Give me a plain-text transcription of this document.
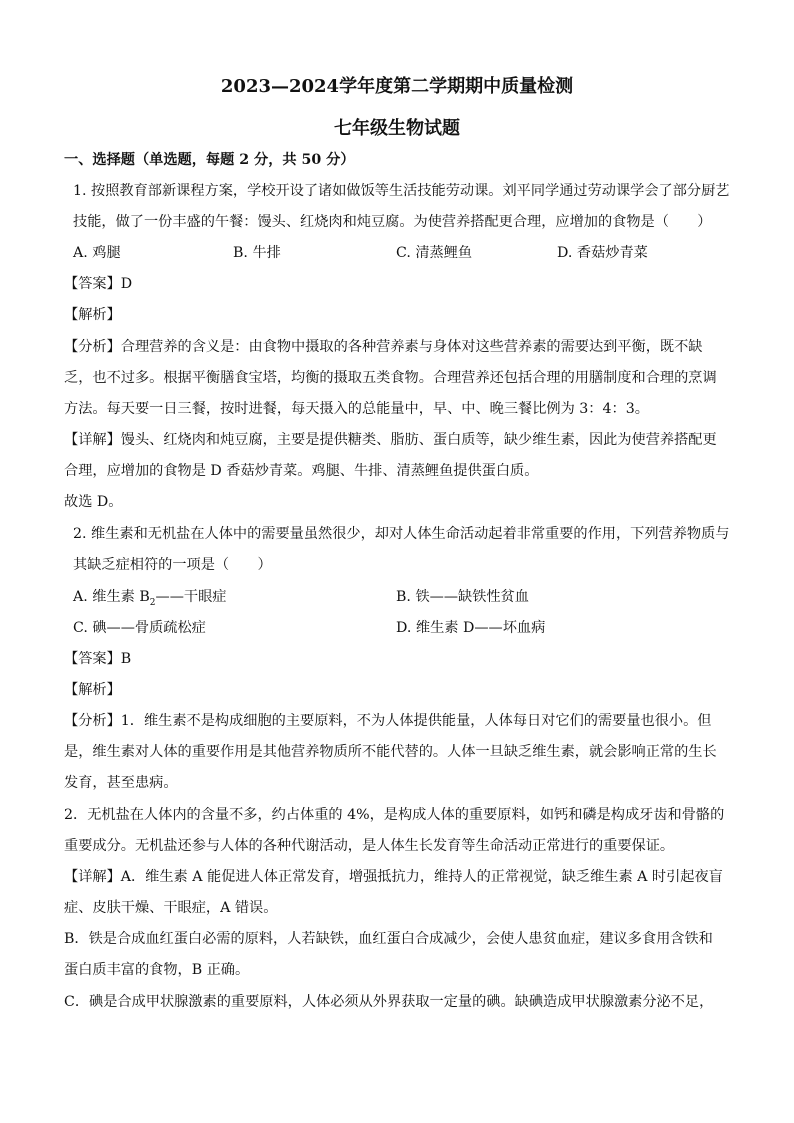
2023—2024学年度第二学期期中质量检测
七年级生物试题
一、选择题（单选题，每题 2 分，共 50 分）
1. 按照教育部新课程方案，学校开设了诸如做饭等生活技能劳动课。刘平同学通过劳动课学会了部分厨艺
技能，做了一份丰盛的午餐：馒头、红烧肉和炖豆腐。为使营养搭配更合理，应增加的食物是（　　）
A. 鸡腿	B. 牛排	C. 清蒸鲤鱼	D. 香菇炒青菜
【答案】D
【解析】
【分析】合理营养的含义是：由食物中摄取的各种营养素与身体对这些营养素的需要达到平衡，既不缺
乏，也不过多。根据平衡膳食宝塔，均衡的摄取五类食物。合理营养还包括合理的用膳制度和合理的烹调
方法。每天要一日三餐，按时进餐，每天摄入的总能量中，早、中、晚三餐比例为 3：4：3。
【详解】馒头、红烧肉和炖豆腐，主要是提供糖类、脂肪、蛋白质等，缺少维生素，因此为使营养搭配更
合理，应增加的食物是 D 香菇炒青菜。鸡腿、牛排、清蒸鲤鱼提供蛋白质。
故选 D。
2. 维生素和无机盐在人体中的需要量虽然很少，却对人体生命活动起着非常重要的作用，下列营养物质与
其缺乏症相符的一项是（　　）
A. 维生素 $B_2——$干眼症	B. 铁——缺铁性贫血
C. 碘——骨质疏松症	D. 维生素 D——坏血病
【答案】B
【解析】
【分析】1．维生素不是构成细胞的主要原料，不为人体提供能量，人体每日对它们的需要量也很小。但
是，维生素对人体的重要作用是其他营养物质所不能代替的。人体一旦缺乏维生素，就会影响正常的生长
发育，甚至患病。
2．无机盐在人体内的含量不多，约占体重的 4%，是构成人体的重要原料，如钙和磷是构成牙齿和骨骼的
重要成分。无机盐还参与人体的各种代谢活动，是人体生长发育等生命活动正常进行的重要保证。
【详解】A．维生素 A 能促进人体正常发育，增强抵抗力，维持人的正常视觉，缺乏维生素 A 时引起夜盲
症、皮肤干燥、干眼症，A 错误。
B．铁是合成血红蛋白必需的原料，人若缺铁，血红蛋白合成减少，会使人患贫血症，建议多食用含铁和
蛋白质丰富的食物，B 正确。
C．碘是合成甲状腺激素的重要原料，人体必须从外界获取一定量的碘。缺碘造成甲状腺激素分泌不足，
